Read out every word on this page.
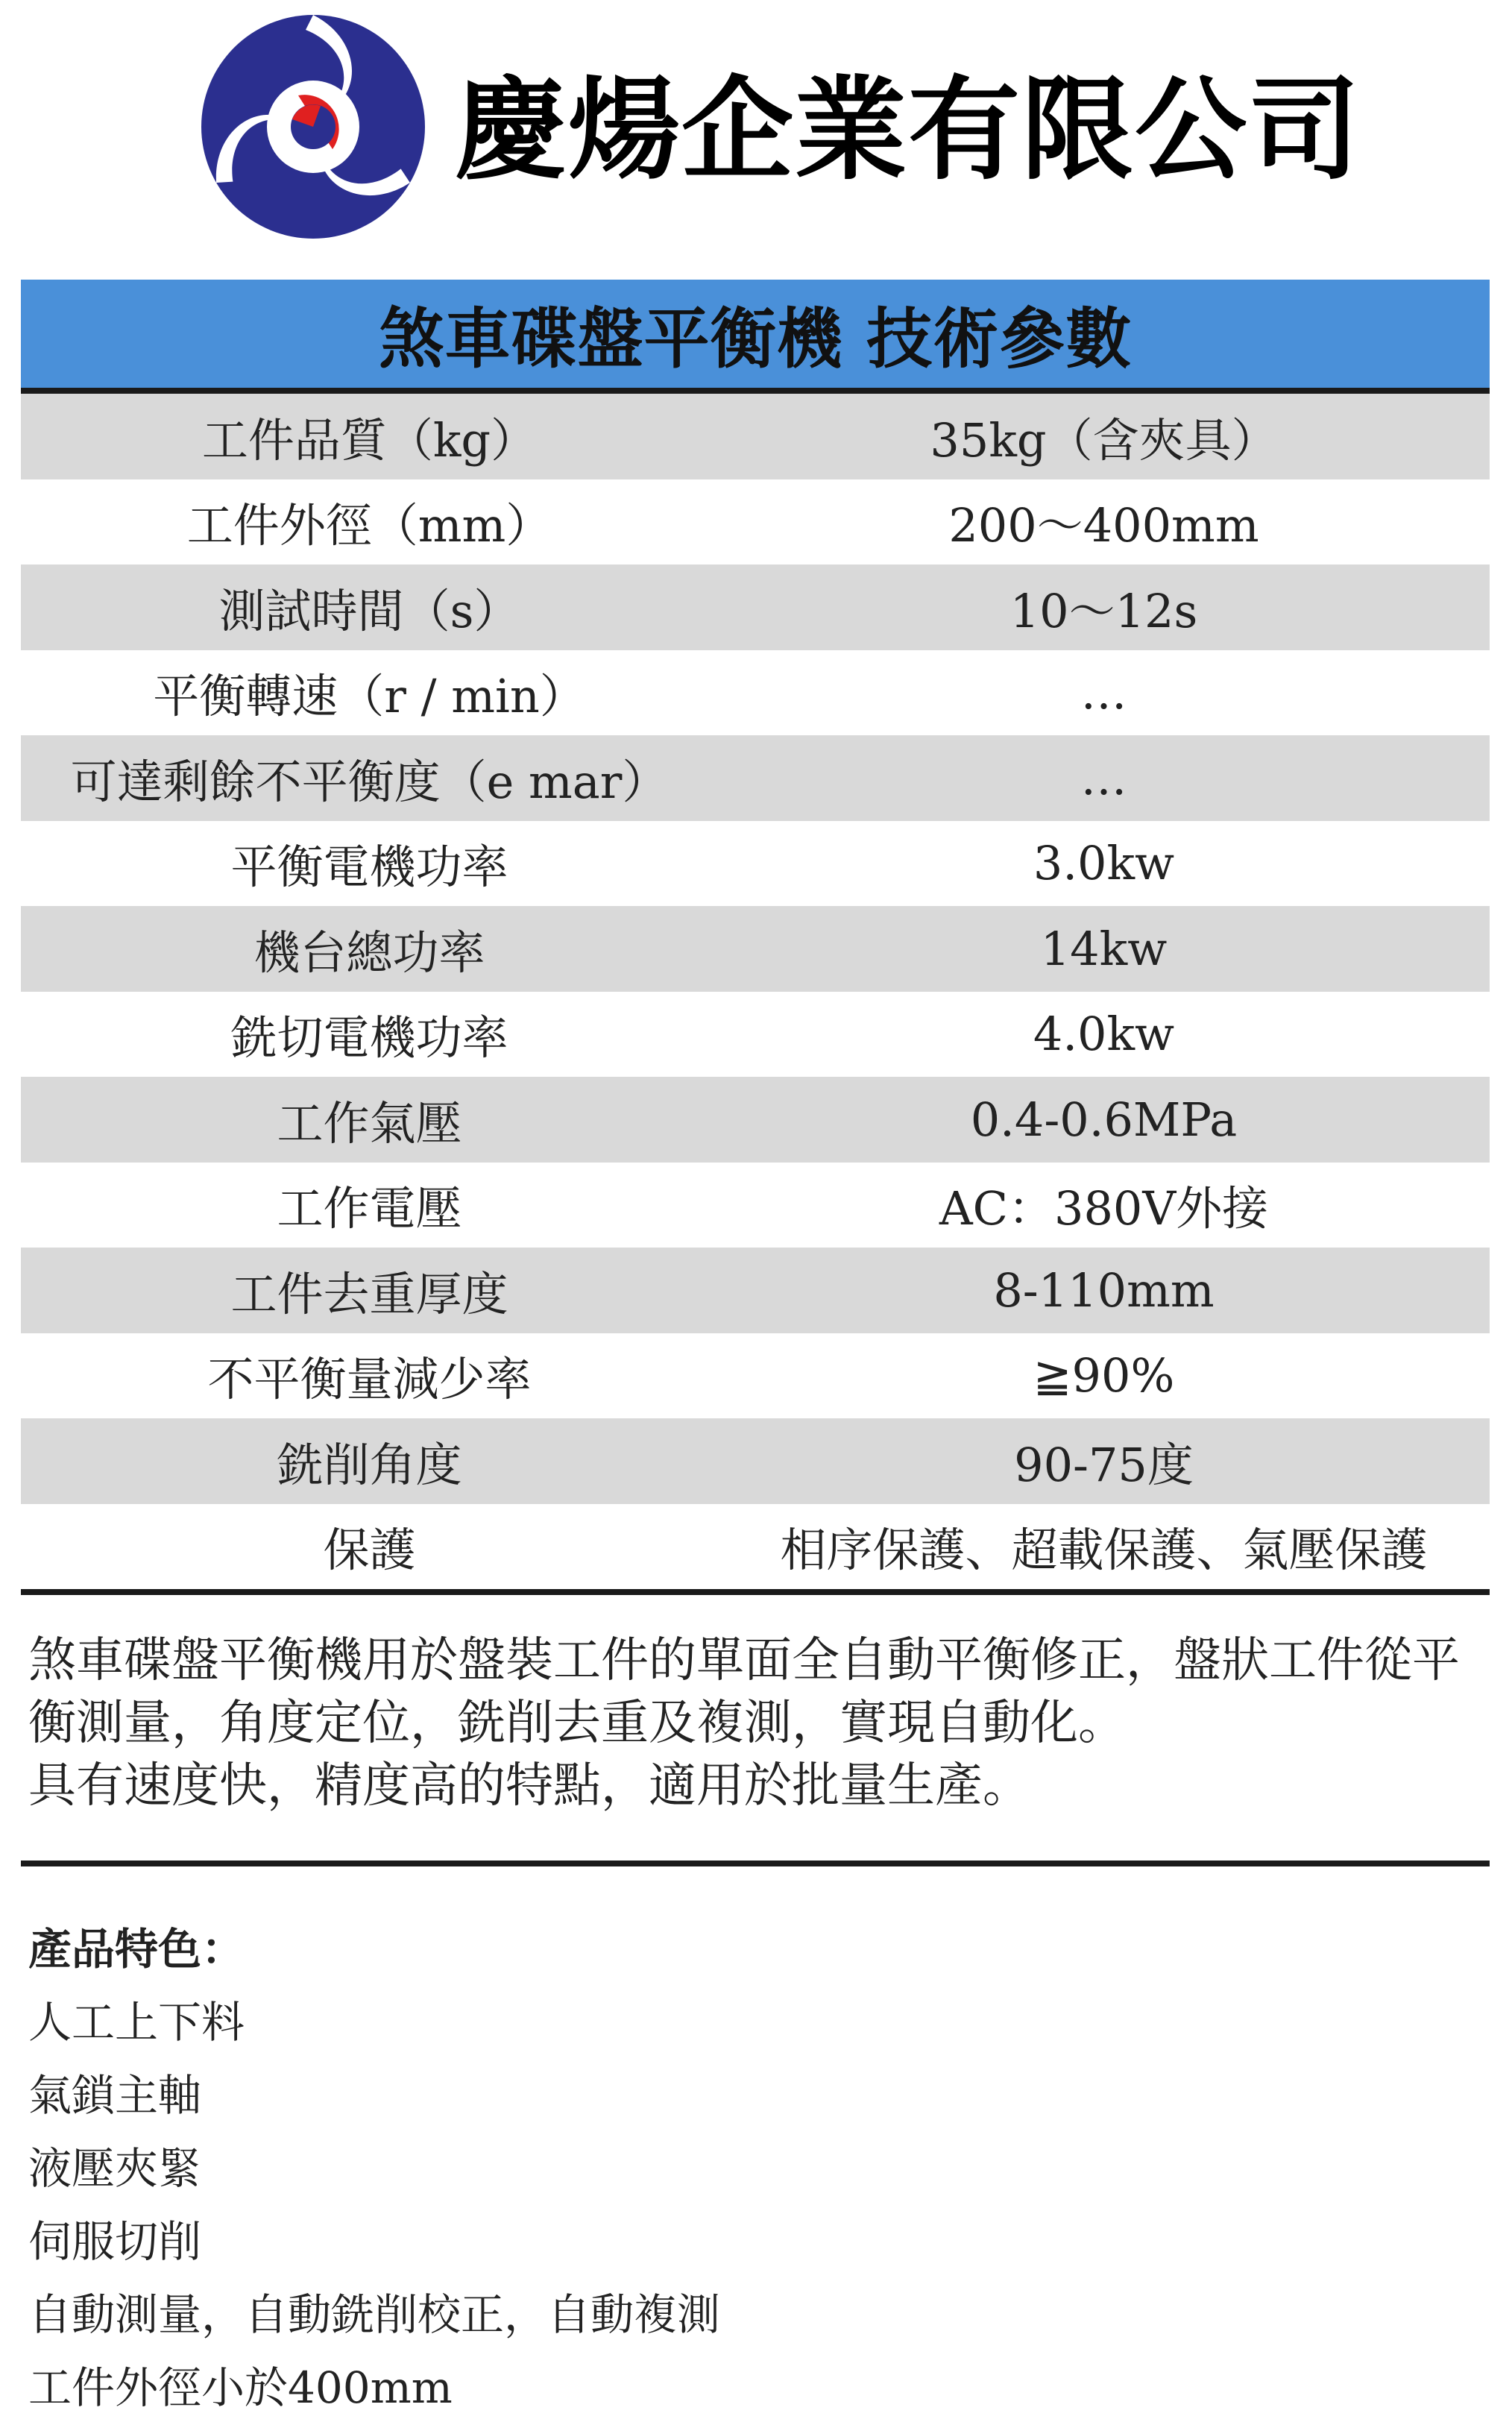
慶煬企業有限公司
煞車碟盤平衡機 技術參數
工件品質（kg）	35kg（含夾具）
工件外徑（mm）	200～400mm
測試時間（s）	10～12s
平衡轉速（r / min）	…
可達剩餘不平衡度（e mar）	…
平衡電機功率	3.0kw
機台總功率	14kw
銑切電機功率	4.0kw
工作氣壓	0.4-0.6MPa
工作電壓	AC：380V外接
工件去重厚度	8-110mm
不平衡量減少率	≧90%
銑削角度	90-75度
保護	相序保護、超載保護、氣壓保護

煞車碟盤平衡機用於盤裝工件的單面全自動平衡修正，盤狀工件從平

衡測量，角度定位，銑削去重及複測，實現自動化。

具有速度快，精度高的特點，適用於批量生產。

產品特色：
人工上下料
氣鎖主軸
液壓夾緊
伺服切削
自動測量，自動銑削校正，自動複測
工件外徑小於400mm
